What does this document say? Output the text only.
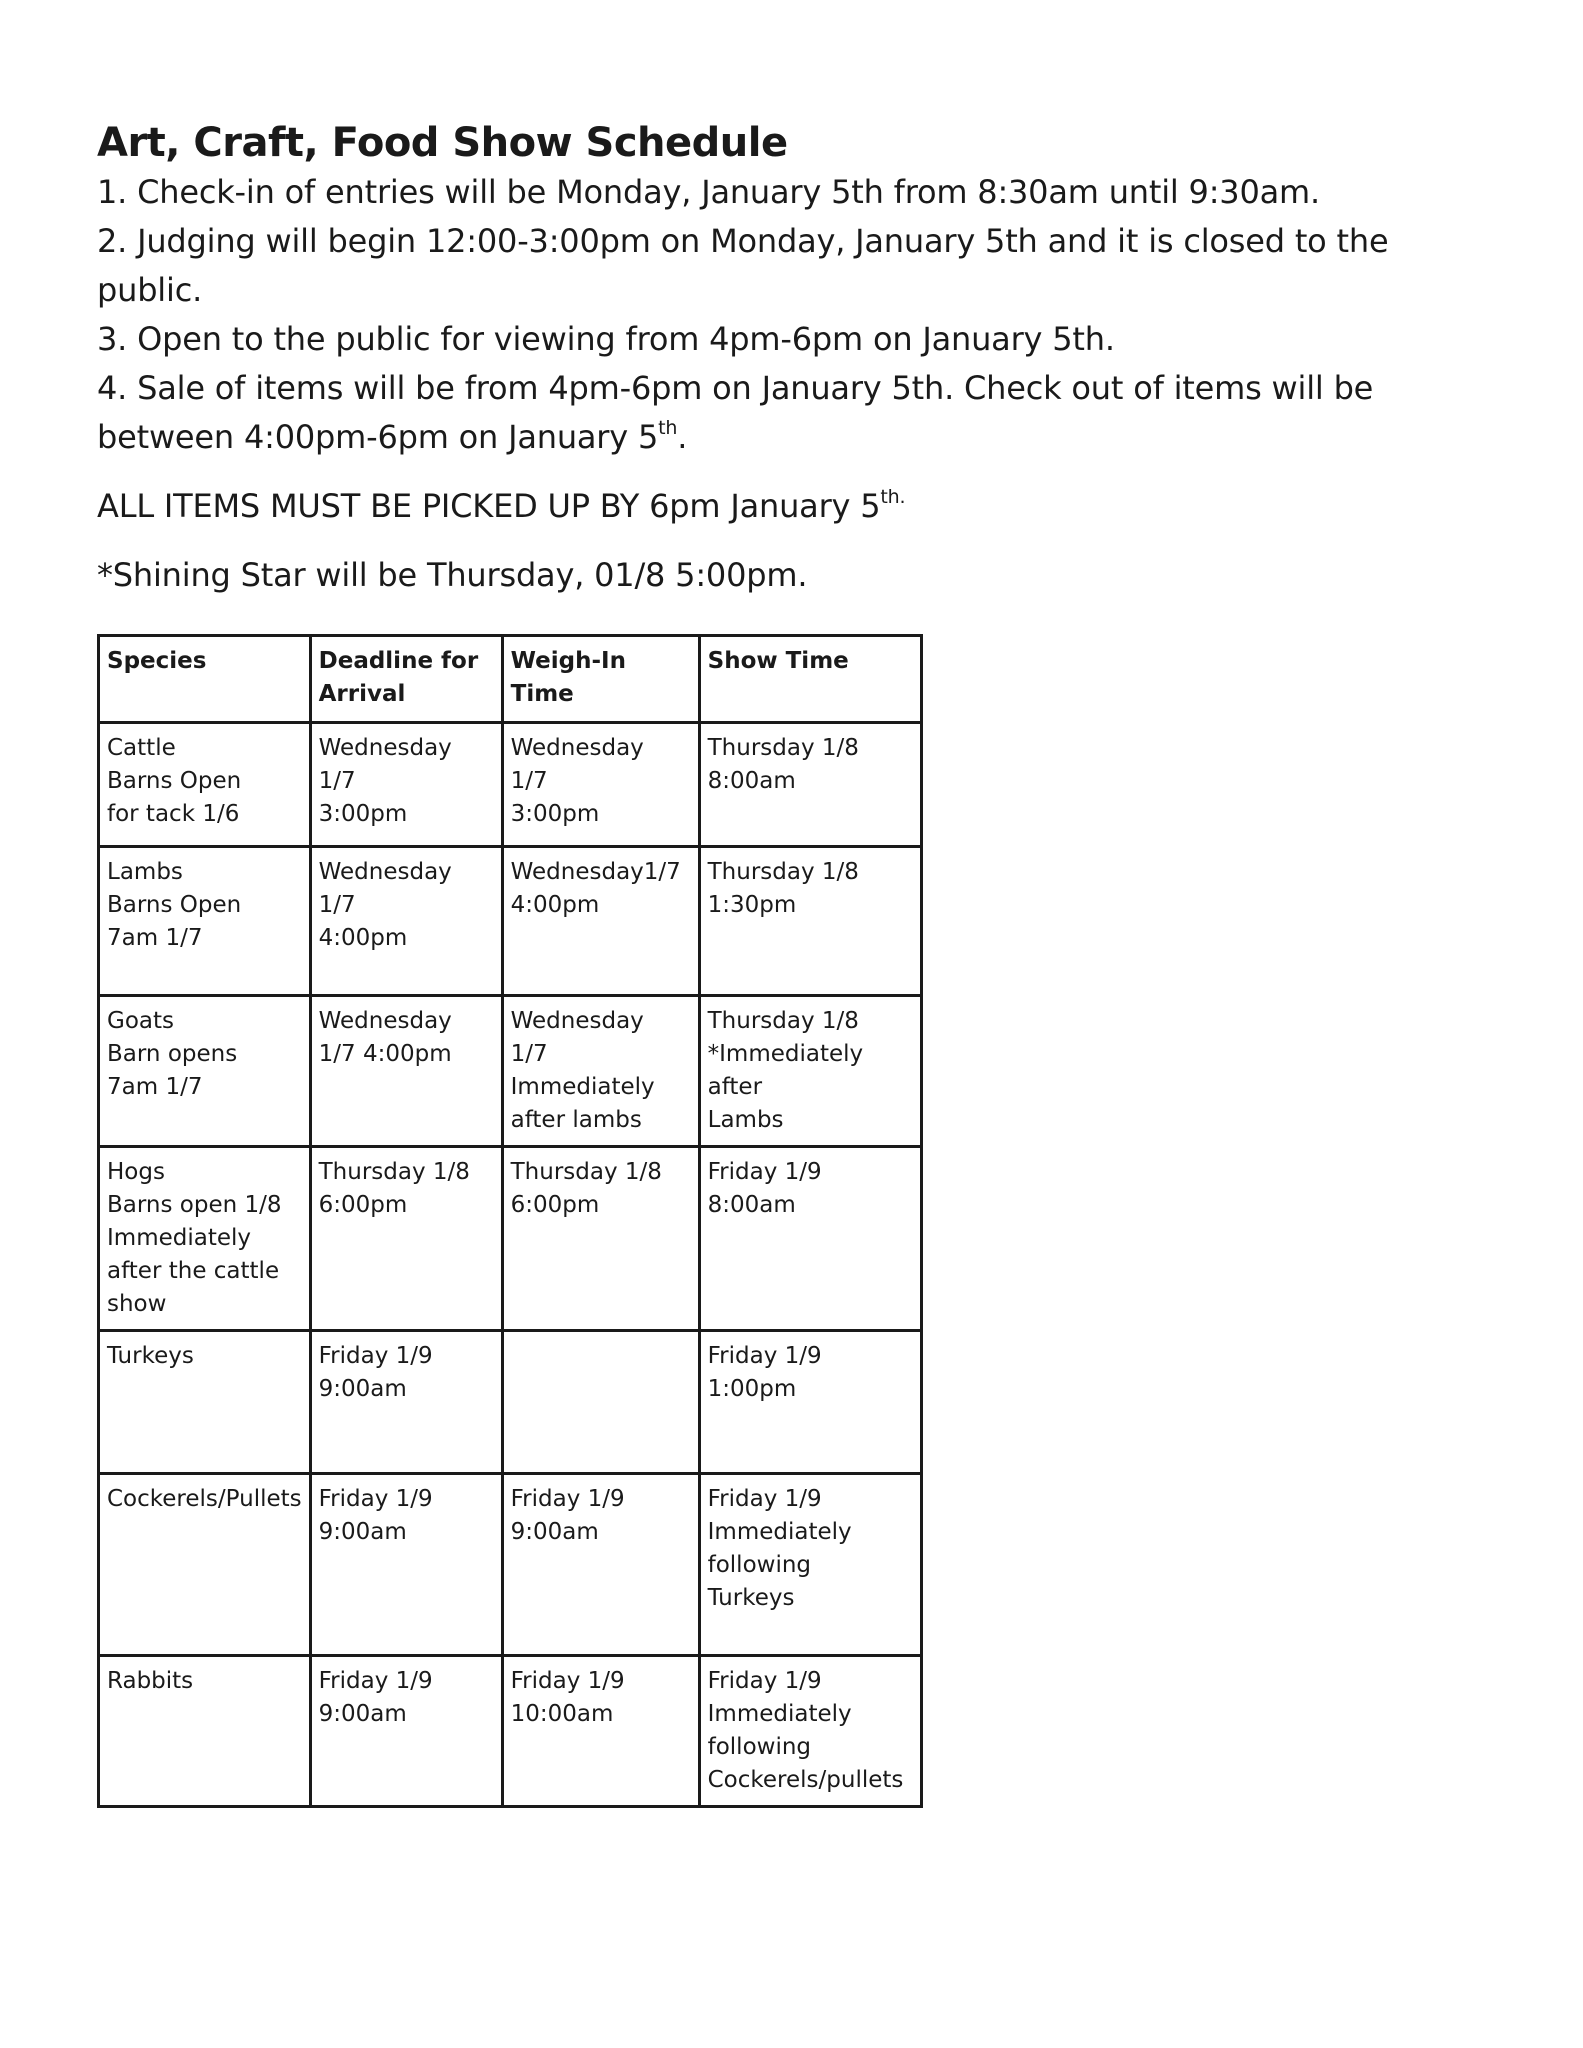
Art, Craft, Food Show Schedule
1. Check-in of entries will be Monday, January 5th from 8:30am until 9:30am.
2. Judging will begin 12:00-3:00pm on Monday, January 5th and it is closed to the public.
3. Open to the public for viewing from 4pm-6pm on January 5th.
4. Sale of items will be from 4pm-6pm on January 5th. Check out of items will be between 4:00pm-6pm on January 5th.

ALL ITEMS MUST BE PICKED UP BY 6pm January $5^{th.}$

*Shining Star will be Thursday, 01/8 5:00pm.

Species	Deadline for Arrival	Weigh-In Time	Show Time

Cattle
Barns Open
for tack 1/6	Wednesday
1/7
3:00pm	Wednesday
1/7
3:00pm	Thursday 1/8
8:00am

Lambs
Barns Open
7am 1/7	Wednesday
1/7
4:00pm	Wednesday1/7
4:00pm	Thursday 1/8
1:30pm

Goats
Barn opens
7am 1/7	Wednesday
1/7 4:00pm	Wednesday
1/7
Immediately
after lambs	Thursday 1/8
*Immediately
after
Lambs

Hogs
Barns open 1/8
Immediately
after the cattle
show	Thursday 1/8
6:00pm	Thursday 1/8
6:00pm	Friday 1/9
8:00am

Turkeys	Friday 1/9
9:00am		Friday 1/9
1:00pm

Cockerels/Pullets	Friday 1/9
9:00am	Friday 1/9
9:00am	Friday 1/9
Immediately
following
Turkeys

Rabbits	Friday 1/9
9:00am	Friday 1/9
10:00am	Friday 1/9
Immediately
following
Cockerels/pullets
